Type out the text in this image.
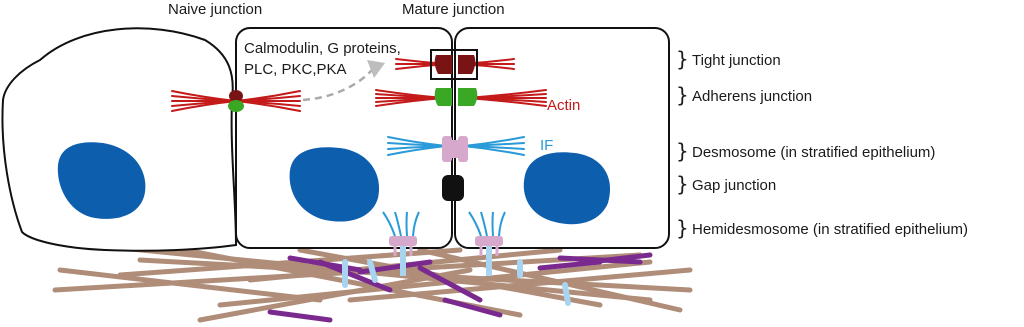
Naive junction	Mature junction
Calmodulin, G proteins,
PLC, PKC,PKA
Actin
IF
} Tight junction
} Adherens junction
} Desmosome (in stratified epithelium)
} Gap junction
} Hemidesmosome (in stratified epithelium)
